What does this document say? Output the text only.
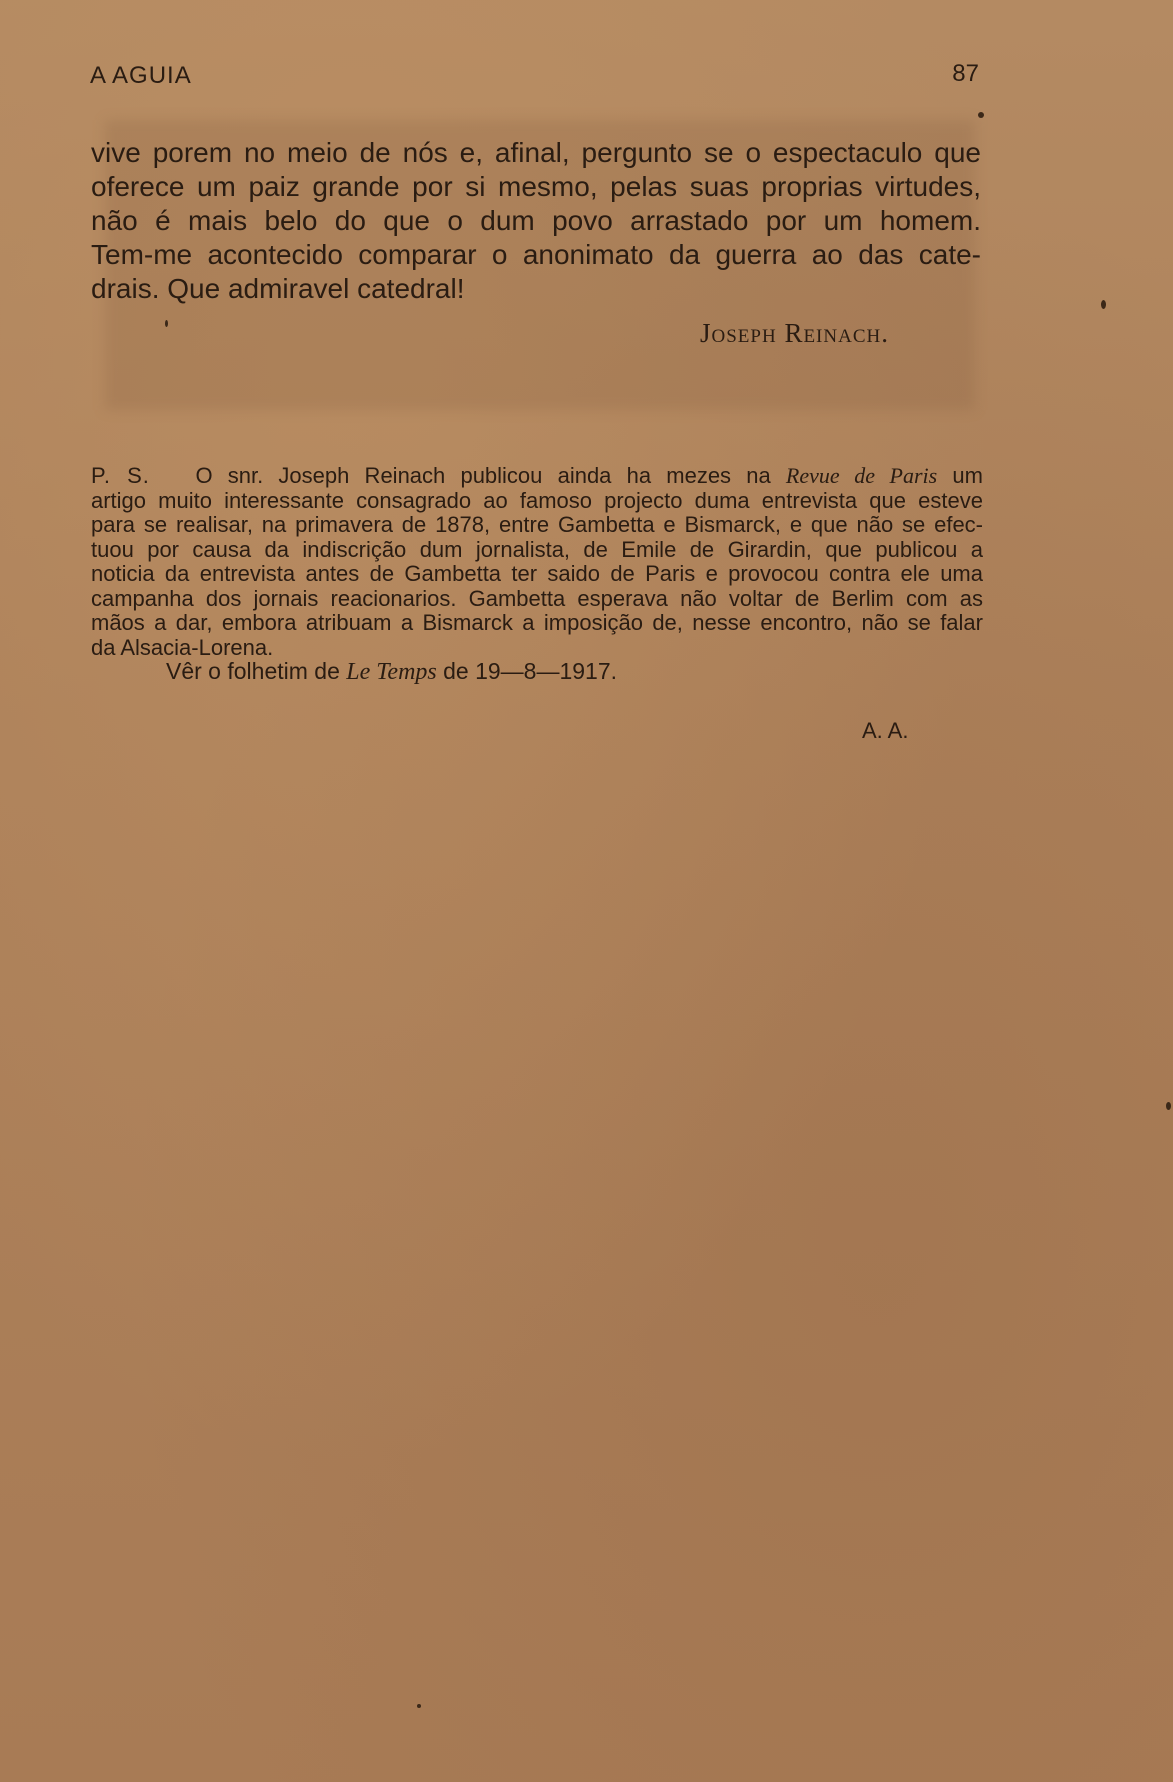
A AGUIA	87

vive porem no meio de nós e, afinal, pergunto se o espectaculo que
oferece um paiz grande por si mesmo, pelas suas proprias virtudes,
não é mais belo do que o dum povo arrastado por um homem.
Tem-me acontecido comparar o anonimato da guerra ao das cate-
drais. Que admiravel catedral!

Joseph Reinach.

P. S. O snr. Joseph Reinach publicou ainda ha mezes na Revue de Paris um
artigo muito interessante consagrado ao famoso projecto duma entrevista que esteve
para se realisar, na primavera de 1878, entre Gambetta e Bismarck, e que não se efec-
tuou por causa da indiscrição dum jornalista, de Emile de Girardin, que publicou a
noticia da entrevista antes de Gambetta ter saido de Paris e provocou contra ele uma
campanha dos jornais reacionarios. Gambetta esperava não voltar de Berlim com as
mãos a dar, embora atribuam a Bismarck a imposição de, nesse encontro, não se falar
da Alsacia-Lorena.

Vêr o folhetim de Le Temps de 19—8—1917.
A. A.
